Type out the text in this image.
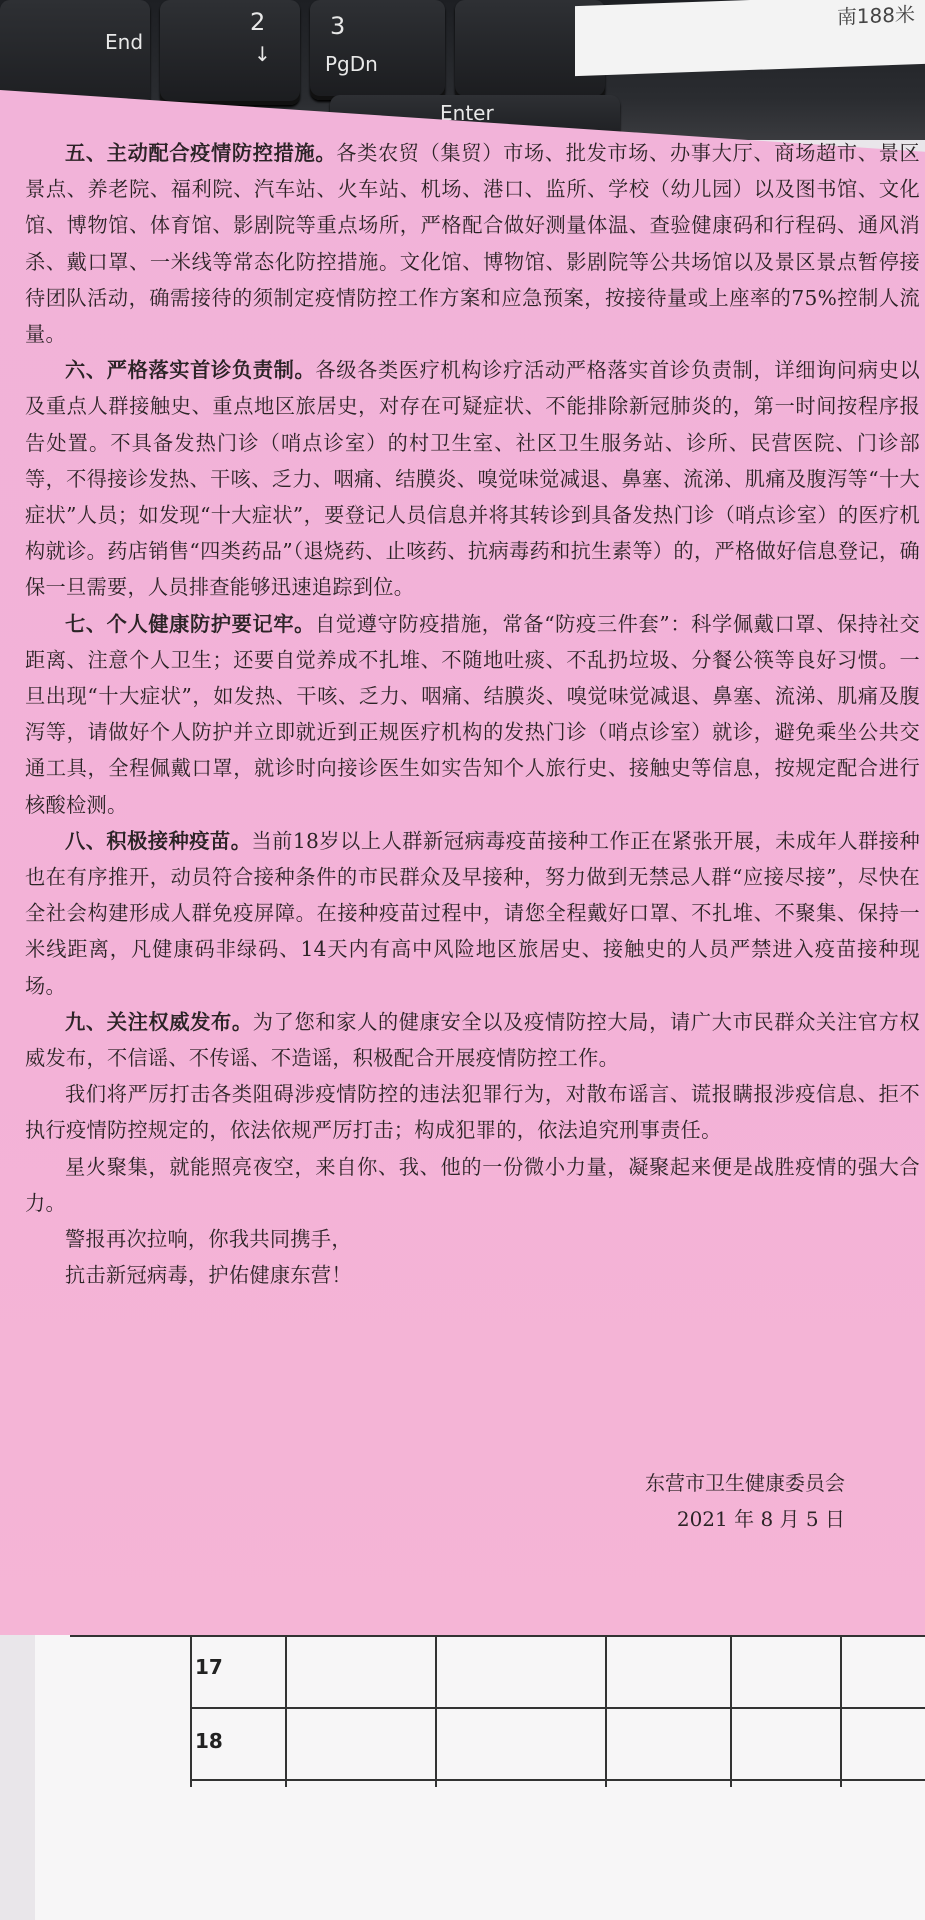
End
2
↓
3
PgDn
Enter
南188米
17
18

五、主动配合疫情防控措施。各类农贸（集贸）市场、批发市场、办事大厅、商场超市、景区景点、养老院、福利院、汽车站、火车站、机场、港口、监所、学校（幼儿园）以及图书馆、文化馆、博物馆、体育馆、影剧院等重点场所，严格配合做好测量体温、查验健康码和行程码、通风消杀、戴口罩、一米线等常态化防控措施。文化馆、博物馆、影剧院等公共场馆以及景区景点暂停接待团队活动，确需接待的须制定疫情防控工作方案和应急预案，按接待量或上座率的75%控制人流量。

六、严格落实首诊负责制。各级各类医疗机构诊疗活动严格落实首诊负责制，详细询问病史以及重点人群接触史、重点地区旅居史，对存在可疑症状、不能排除新冠肺炎的，第一时间按程序报告处置。不具备发热门诊（哨点诊室）的村卫生室、社区卫生服务站、诊所、民营医院、门诊部等，不得接诊发热、干咳、乏力、咽痛、结膜炎、嗅觉味觉减退、鼻塞、流涕、肌痛及腹泻等“十大症状”人员；如发现“十大症状”，要登记人员信息并将其转诊到具备发热门诊（哨点诊室）的医疗机构就诊。药店销售“四类药品”（退烧药、止咳药、抗病毒药和抗生素等）的，严格做好信息登记，确保一旦需要，人员排查能够迅速追踪到位。

七、个人健康防护要记牢。自觉遵守防疫措施，常备“防疫三件套”：科学佩戴口罩、保持社交距离、注意个人卫生；还要自觉养成不扎堆、不随地吐痰、不乱扔垃圾、分餐公筷等良好习惯。一旦出现“十大症状”，如发热、干咳、乏力、咽痛、结膜炎、嗅觉味觉减退、鼻塞、流涕、肌痛及腹泻等，请做好个人防护并立即就近到正规医疗机构的发热门诊（哨点诊室）就诊，避免乘坐公共交通工具，全程佩戴口罩，就诊时向接诊医生如实告知个人旅行史、接触史等信息，按规定配合进行核酸检测。

八、积极接种疫苗。当前18岁以上人群新冠病毒疫苗接种工作正在紧张开展，未成年人群接种也在有序推开，动员符合接种条件的市民群众及早接种，努力做到无禁忌人群“应接尽接”，尽快在全社会构建形成人群免疫屏障。在接种疫苗过程中，请您全程戴好口罩、不扎堆、不聚集、保持一米线距离，凡健康码非绿码、14天内有高中风险地区旅居史、接触史的人员严禁进入疫苗接种现场。

九、关注权威发布。为了您和家人的健康安全以及疫情防控大局，请广大市民群众关注官方权威发布，不信谣、不传谣、不造谣，积极配合开展疫情防控工作。

我们将严厉打击各类阻碍涉疫情防控的违法犯罪行为，对散布谣言、谎报瞒报涉疫信息、拒不执行疫情防控规定的，依法依规严厉打击；构成犯罪的，依法追究刑事责任。

星火聚集，就能照亮夜空，来自你、我、他的一份微小力量，凝聚起来便是战胜疫情的强大合力。

警报再次拉响，你我共同携手，

抗击新冠病毒，护佑健康东营！

东营市卫生健康委员会
2021 年 8 月 5 日
